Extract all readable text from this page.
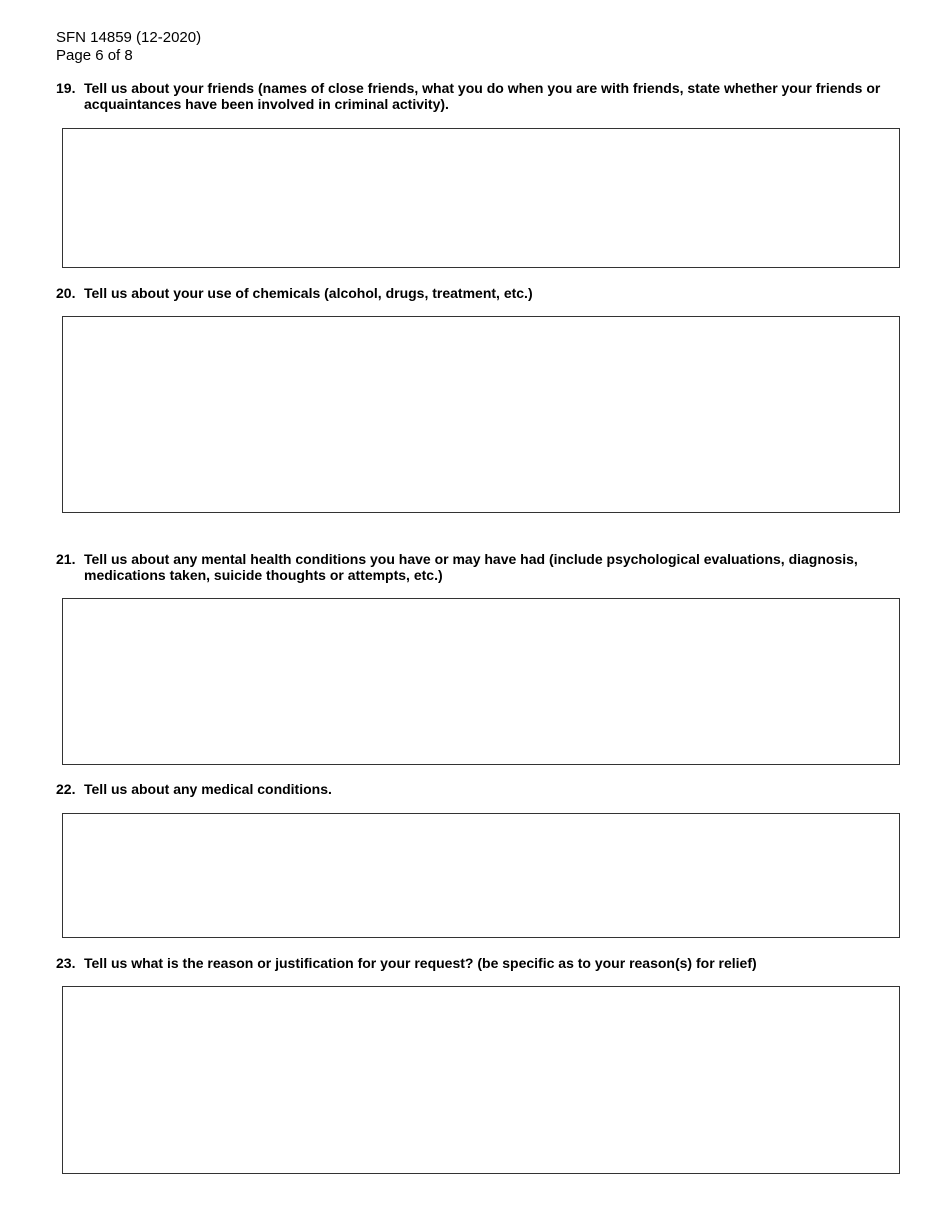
SFN 14859 (12-2020)
Page 6 of 8
19. Tell us about your friends (names of close friends, what you do when you are with friends, state whether your friends or acquaintances have been involved in criminal activity).
20. Tell us about your use of chemicals (alcohol, drugs, treatment, etc.)
21. Tell us about any mental health conditions you have or may have had (include psychological evaluations, diagnosis, medications taken, suicide thoughts or attempts, etc.)
22. Tell us about any medical conditions.
23. Tell us what is the reason or justification for your request? (be specific as to your reason(s) for relief)
